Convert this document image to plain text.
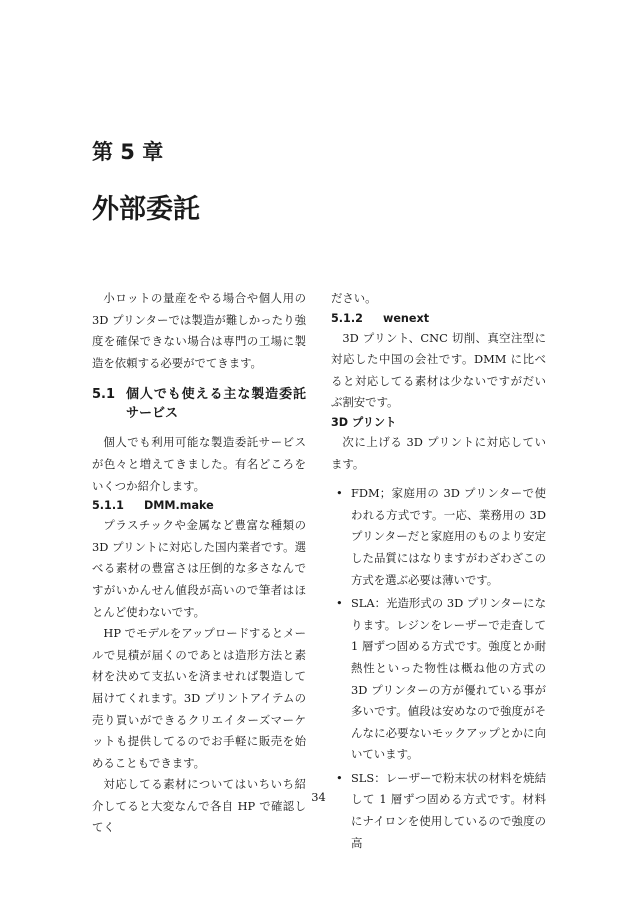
第 5 章
外部委託

小ロットの量産をやる場合や個人用の 3D プリンターでは製造が難しかったり強度を確保できない場合は専門の工場に製造を依頼する必要がでてきます。

5.1 個人でも使える主な製造委託サービス

個人でも利用可能な製造委託サービスが色々と増えてきました。有名どころをいくつか紹介します。

5.1.1	DMM.make

プラスチックや金属など豊富な種類の 3D プリントに対応した国内業者です。選べる素材の豊富さは圧倒的な多さなんですがいかんせん値段が高いので筆者はほとんど使わないです。

HP でモデルをアップロードするとメールで見積が届くのであとは造形方法と素材を決めて支払いを済ませれば製造して届けてくれます。3D プリントアイテムの売り買いができるクリエイターズマーケットも提供してるのでお手軽に販売を始めることもできます。

対応してる素材についてはいちいち紹介してると大変なんで各自 HP で確認してく

ださい。

5.1.2	wenext

3D プリント、CNC 切削、真空注型に対応した中国の会社です。DMM に比べると対応してる素材は少ないですがだいぶ割安です。

3D プリント

次に上げる 3D プリントに対応しています。

• FDM；家庭用の 3D プリンターで使われる方式です。一応、業務用の 3D プリンターだと家庭用のものより安定した品質にはなりますがわざわざこの方式を選ぶ必要は薄いです。
• SLA：光造形式の 3D プリンターになります。レジンをレーザーで走査して 1 層ずつ固める方式です。強度とか耐熱性といった物性は概ね他の方式の 3D プリンターの方が優れている事が多いです。値段は安めなので強度がそんなに必要ないモックアップとかに向いています。
• SLS：レーザーで粉末状の材料を焼結して 1 層ずつ固める方式です。材料にナイロンを使用しているので強度の高

34
